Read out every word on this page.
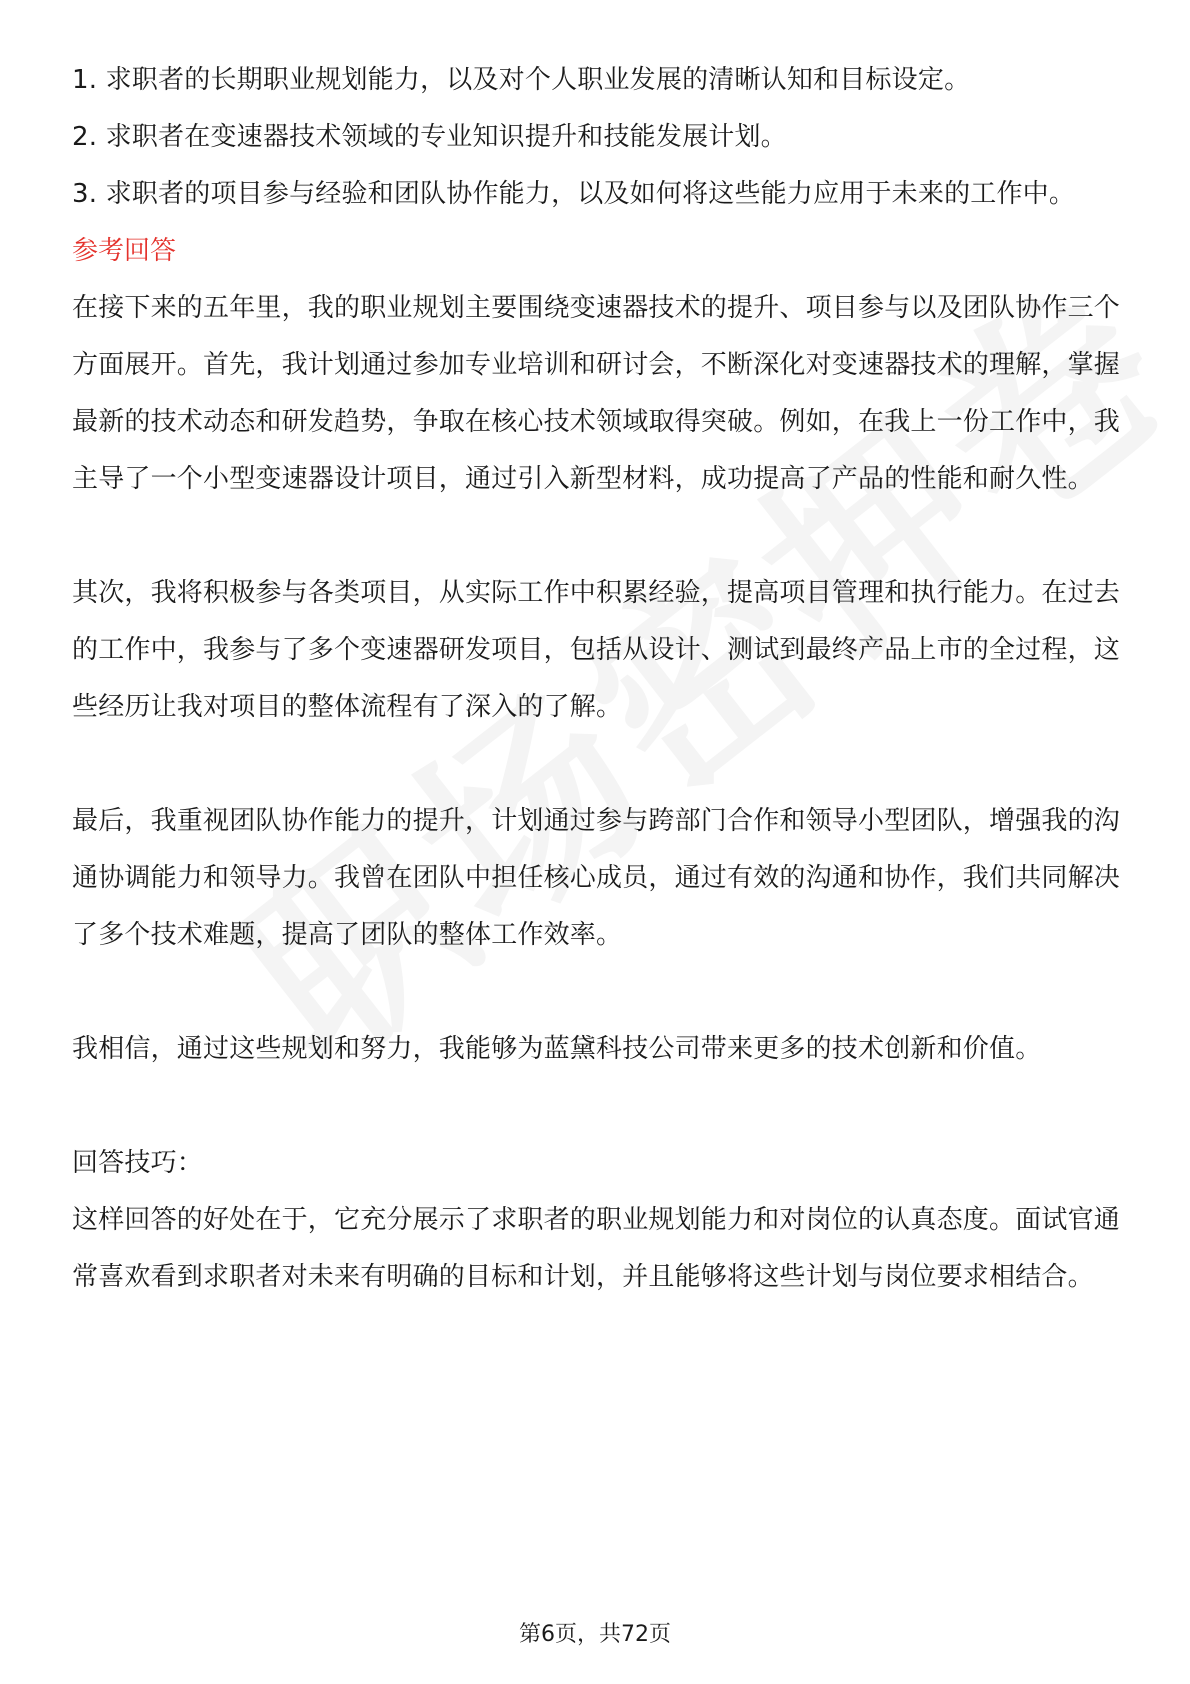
1. 求职者的长期职业规划能力，以及对个人职业发展的清晰认知和目标设定。

2. 求职者在变速器技术领域的专业知识提升和技能发展计划。

3. 求职者的项目参与经验和团队协作能力，以及如何将这些能力应用于未来的工作中。

参考回答

在接下来的五年里，我的职业规划主要围绕变速器技术的提升、项目参与以及团队协作三个方面展开。首先，我计划通过参加专业培训和研讨会，不断深化对变速器技术的理解，掌握最新的技术动态和研发趋势，争取在核心技术领域取得突破。例如，在我上一份工作中，我主导了一个小型变速器设计项目，通过引入新型材料，成功提高了产品的性能和耐久性。

其次，我将积极参与各类项目，从实际工作中积累经验，提高项目管理和执行能力。在过去的工作中，我参与了多个变速器研发项目，包括从设计、测试到最终产品上市的全过程，这些经历让我对项目的整体流程有了深入的了解。

最后，我重视团队协作能力的提升，计划通过参与跨部门合作和领导小型团队，增强我的沟通协调能力和领导力。我曾在团队中担任核心成员，通过有效的沟通和协作，我们共同解决了多个技术难题，提高了团队的整体工作效率。

我相信，通过这些规划和努力，我能够为蓝黛科技公司带来更多的技术创新和价值。

回答技巧：

这样回答的好处在于，它充分展示了求职者的职业规划能力和对岗位的认真态度。面试官通常喜欢看到求职者对未来有明确的目标和计划，并且能够将这些计划与岗位要求相结合。

第6页，共72页
